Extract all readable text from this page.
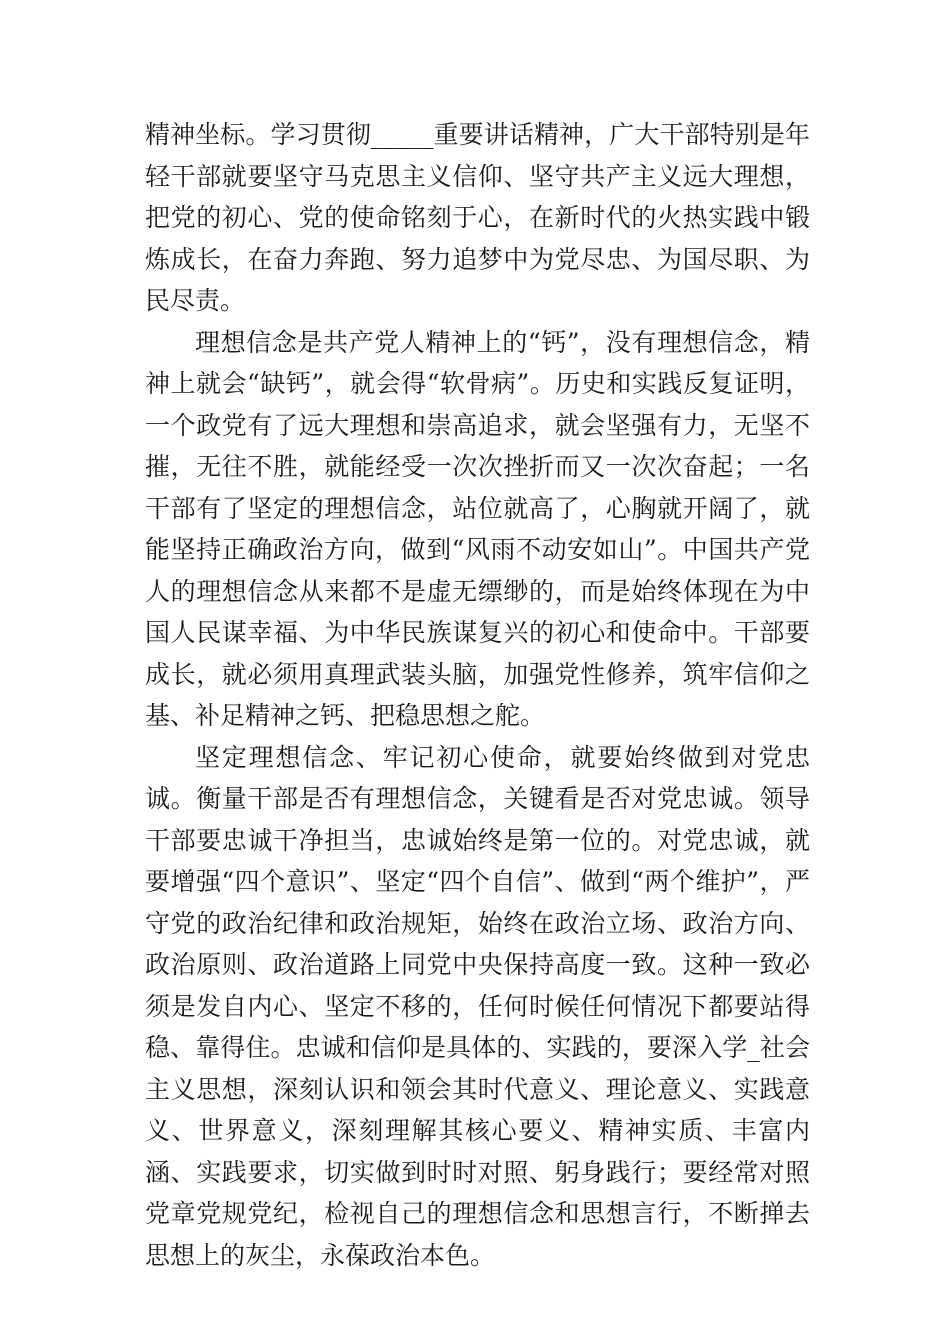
精神坐标。学习贯彻_____重要讲话精神，广大干部特别是年轻干部就要坚守马克思主义信仰、坚守共产主义远大理想，把党的初心、党的使命铭刻于心，在新时代的火热实践中锻炼成长，在奋力奔跑、努力追梦中为党尽忠、为国尽职、为民尽责。

理想信念是共产党人精神上的“钙”，没有理想信念，精神上就会“缺钙”，就会得“软骨病”。历史和实践反复证明，一个政党有了远大理想和崇高追求，就会坚强有力，无坚不摧，无往不胜，就能经受一次次挫折而又一次次奋起；一名干部有了坚定的理想信念，站位就高了，心胸就开阔了，就能坚持正确政治方向，做到“风雨不动安如山”。中国共产党人的理想信念从来都不是虚无缥缈的，而是始终体现在为中国人民谋幸福、为中华民族谋复兴的初心和使命中。干部要成长，就必须用真理武装头脑，加强党性修养，筑牢信仰之基、补足精神之钙、把稳思想之舵。

坚定理想信念、牢记初心使命，就要始终做到对党忠诚。衡量干部是否有理想信念，关键看是否对党忠诚。领导干部要忠诚干净担当，忠诚始终是第一位的。对党忠诚，就要增强“四个意识”、坚定“四个自信”、做到“两个维护”，严守党的政治纪律和政治规矩，始终在政治立场、政治方向、政治原则、政治道路上同党中央保持高度一致。这种一致必须是发自内心、坚定不移的，任何时候任何情况下都要站得稳、靠得住。忠诚和信仰是具体的、实践的，要深入学_社会主义思想，深刻认识和领会其时代意义、理论意义、实践意义、世界意义，深刻理解其核心要义、精神实质、丰富内涵、实践要求，切实做到时时对照、躬身践行；要经常对照党章党规党纪，检视自己的理想信念和思想言行，不断掸去思想上的灰尘，永葆政治本色。
